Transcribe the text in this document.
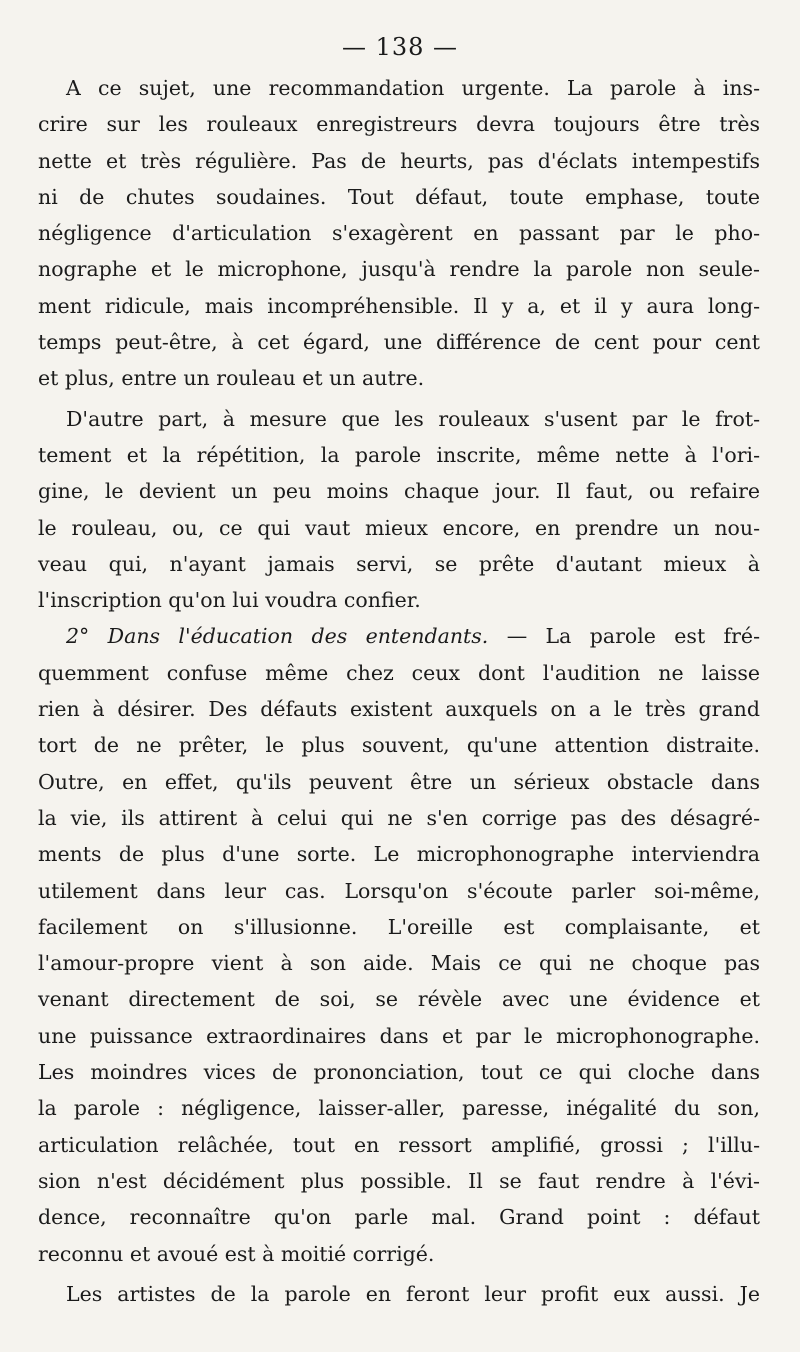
— 138 —
A ce sujet, une recommandation urgente. La parole à ins-
crire sur les rouleaux enregistreurs devra toujours être très
nette et très régulière. Pas de heurts, pas d'éclats intempestifs
ni de chutes soudaines. Tout défaut, toute emphase, toute
négligence d'articulation s'exagèrent en passant par le pho-
nographe et le microphone, jusqu'à rendre la parole non seule-
ment ridicule, mais incompréhensible. Il y a, et il y aura long-
temps peut-être, à cet égard, une différence de cent pour cent
et plus, entre un rouleau et un autre.
D'autre part, à mesure que les rouleaux s'usent par le frot-
tement et la répétition, la parole inscrite, même nette à l'ori-
gine, le devient un peu moins chaque jour. Il faut, ou refaire
le rouleau, ou, ce qui vaut mieux encore, en prendre un nou-
veau qui, n'ayant jamais servi, se prête d'autant mieux à
l'inscription qu'on lui voudra confier.
2° Dans l'éducation des entendants. — La parole est fré-
quemment confuse même chez ceux dont l'audition ne laisse
rien à désirer. Des défauts existent auxquels on a le très grand
tort de ne prêter, le plus souvent, qu'une attention distraite.
Outre, en effet, qu'ils peuvent être un sérieux obstacle dans
la vie, ils attirent à celui qui ne s'en corrige pas des désagré-
ments de plus d'une sorte. Le microphonographe interviendra
utilement dans leur cas. Lorsqu'on s'écoute parler soi-même,
facilement on s'illusionne. L'oreille est complaisante, et
l'amour-propre vient à son aide. Mais ce qui ne choque pas
venant directement de soi, se révèle avec une évidence et
une puissance extraordinaires dans et par le microphonographe.
Les moindres vices de prononciation, tout ce qui cloche dans
la parole : négligence, laisser-aller, paresse, inégalité du son,
articulation relâchée, tout en ressort amplifié, grossi ; l'illu-
sion n'est décidément plus possible. Il se faut rendre à l'évi-
dence, reconnaître qu'on parle mal. Grand point : défaut
reconnu et avoué est à moitié corrigé.
Les artistes de la parole en feront leur profit eux aussi. Je
